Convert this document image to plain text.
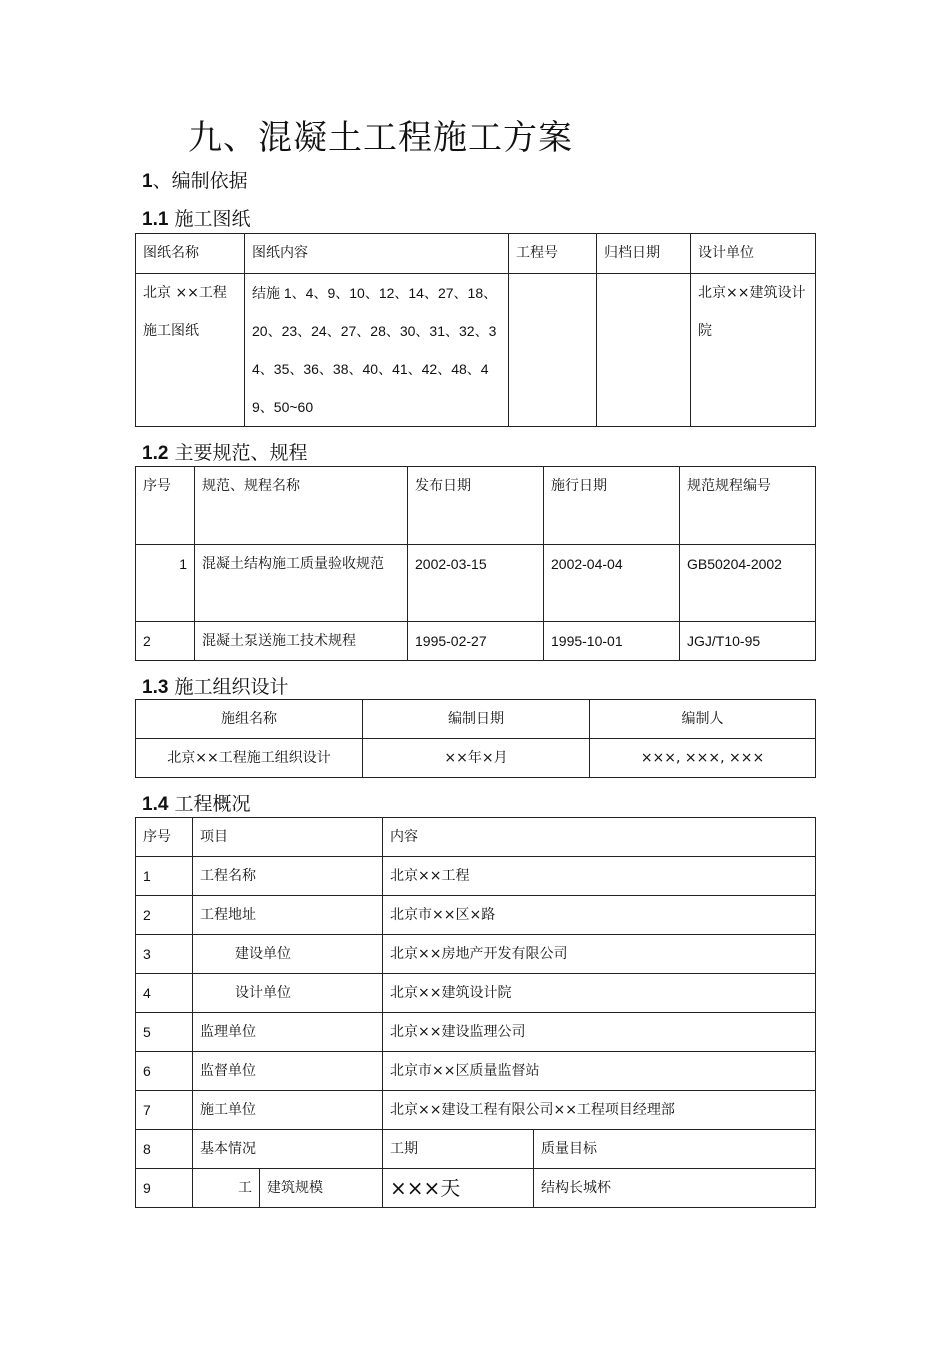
九、混凝土工程施工方案
1、编制依据
1.1 施工图纸
图纸名称	图纸内容	工程号	归档日期	设计单位
北京 ××工程施工图纸	结施 1、4、9、10、12、14、27、18、20、23、24、27、28、30、31、32、34、35、36、38、40、41、42、48、49、50~60			北京××建筑设计院
1.2 主要规范、规程
序号	规范、规程名称	发布日期	施行日期	规范规程编号
1	混凝土结构施工质量验收规范	2002-03-15	2002-04-04	GB50204-2002
2	混凝土泵送施工技术规程	1995-02-27	1995-10-01	JGJ/T10-95
1.3 施工组织设计
施组名称	编制日期	编制人
北京××工程施工组织设计	××年×月	×××, ×××, ×××
1.4 工程概况
序号	项目		内容	
1	工程名称		北京××工程	
2	工程地址		北京市××区×路	
3	建设单位		北京××房地产开发有限公司	
4	设计单位		北京××建筑设计院	
5	监理单位		北京××建设监理公司	
6	监督单位		北京市××区质量监督站	
7	施工单位		北京××建设工程有限公司××工程项目经理部	
8	基本情况		工期	质量目标
9	工	建筑规模	×××天	结构长城杯
